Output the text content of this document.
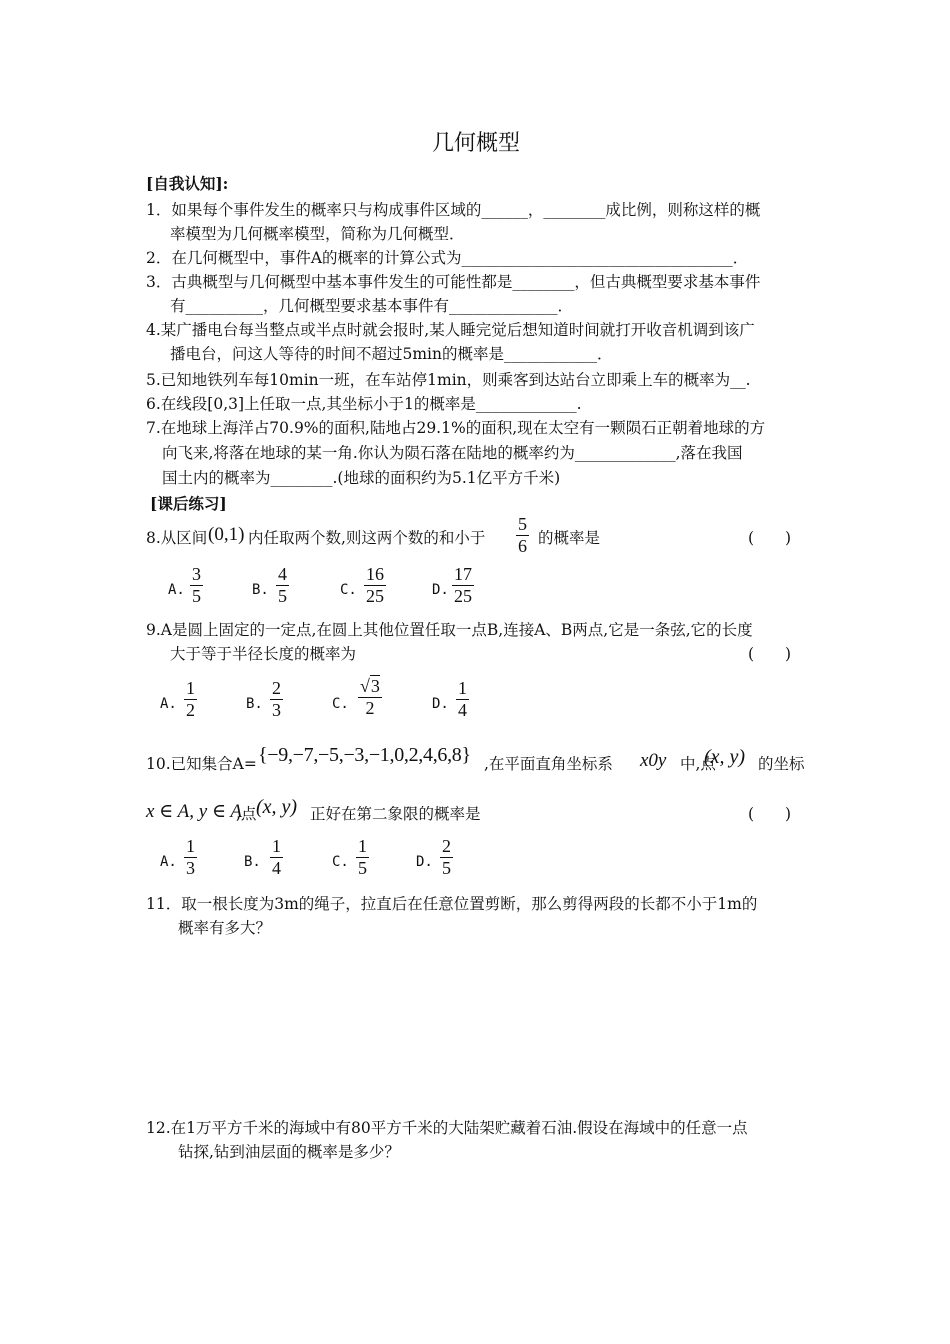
几何概型
[自我认知]:
1．如果每个事件发生的概率只与构成事件区域的______，________成比例，则称这样的概
率模型为几何概率模型，简称为几何概型．
2．在几何概型中，事件A的概率的计算公式为___________________________________．
3．古典概型与几何概型中基本事件发生的可能性都是________，但古典概型要求基本事件
有__________，几何概型要求基本事件有______________．
4.某广播电台每当整点或半点时就会报时,某人睡完觉后想知道时间就打开收音机调到该广
播电台，问这人等待的时间不超过5min的概率是____________．
5.已知地铁列车每10min一班，在车站停1min，则乘客到达站台立即乘上车的概率为__.
6.在线段[0,3]上任取一点,其坐标小于1的概率是_____________.
7.在地球上海洋占70.9%的面积,陆地占29.1%的面积,现在太空有一颗陨石正朝着地球的方
向飞来,将落在地球的某一角.你认为陨石落在陆地的概率约为_____________,落在我国
国土内的概率为________.(地球的面积约为5.1亿平方千米)
[课后练习]
8.从区间 (0,1) 内任取两个数,则这两个数的和小于
5
6 的概率是	(　　)
A.
3
5	B.
4
5	C.
16
25	D.
17
25
9.A是圆上固定的一定点,在圆上其他位置任取一点B,连接A、B两点,它是一条弦,它的长度
大于等于半径长度的概率为	(　　)
A.
1
2	B.
2
3	C.
√3
2	D.
1
4
10.已知集合A= {−9,−7,−5,−3,−1,0,2,4,6,8} ,在平面直角坐标系 x0y 中,点
(x, y) 的坐标
x ∈ A, y ∈ A
,点 (x, y) 正好在第二象限的概率是	(　　)
A.
1
3	B.
1
4	C.
1
5	D.
2
5
11．取一根长度为3m的绳子，拉直后在任意位置剪断，那么剪得两段的长都不小于1m的
概率有多大？
12.在1万平方千米的海域中有80平方千米的大陆架贮藏着石油.假设在海域中的任意一点
钻探,钻到油层面的概率是多少？
